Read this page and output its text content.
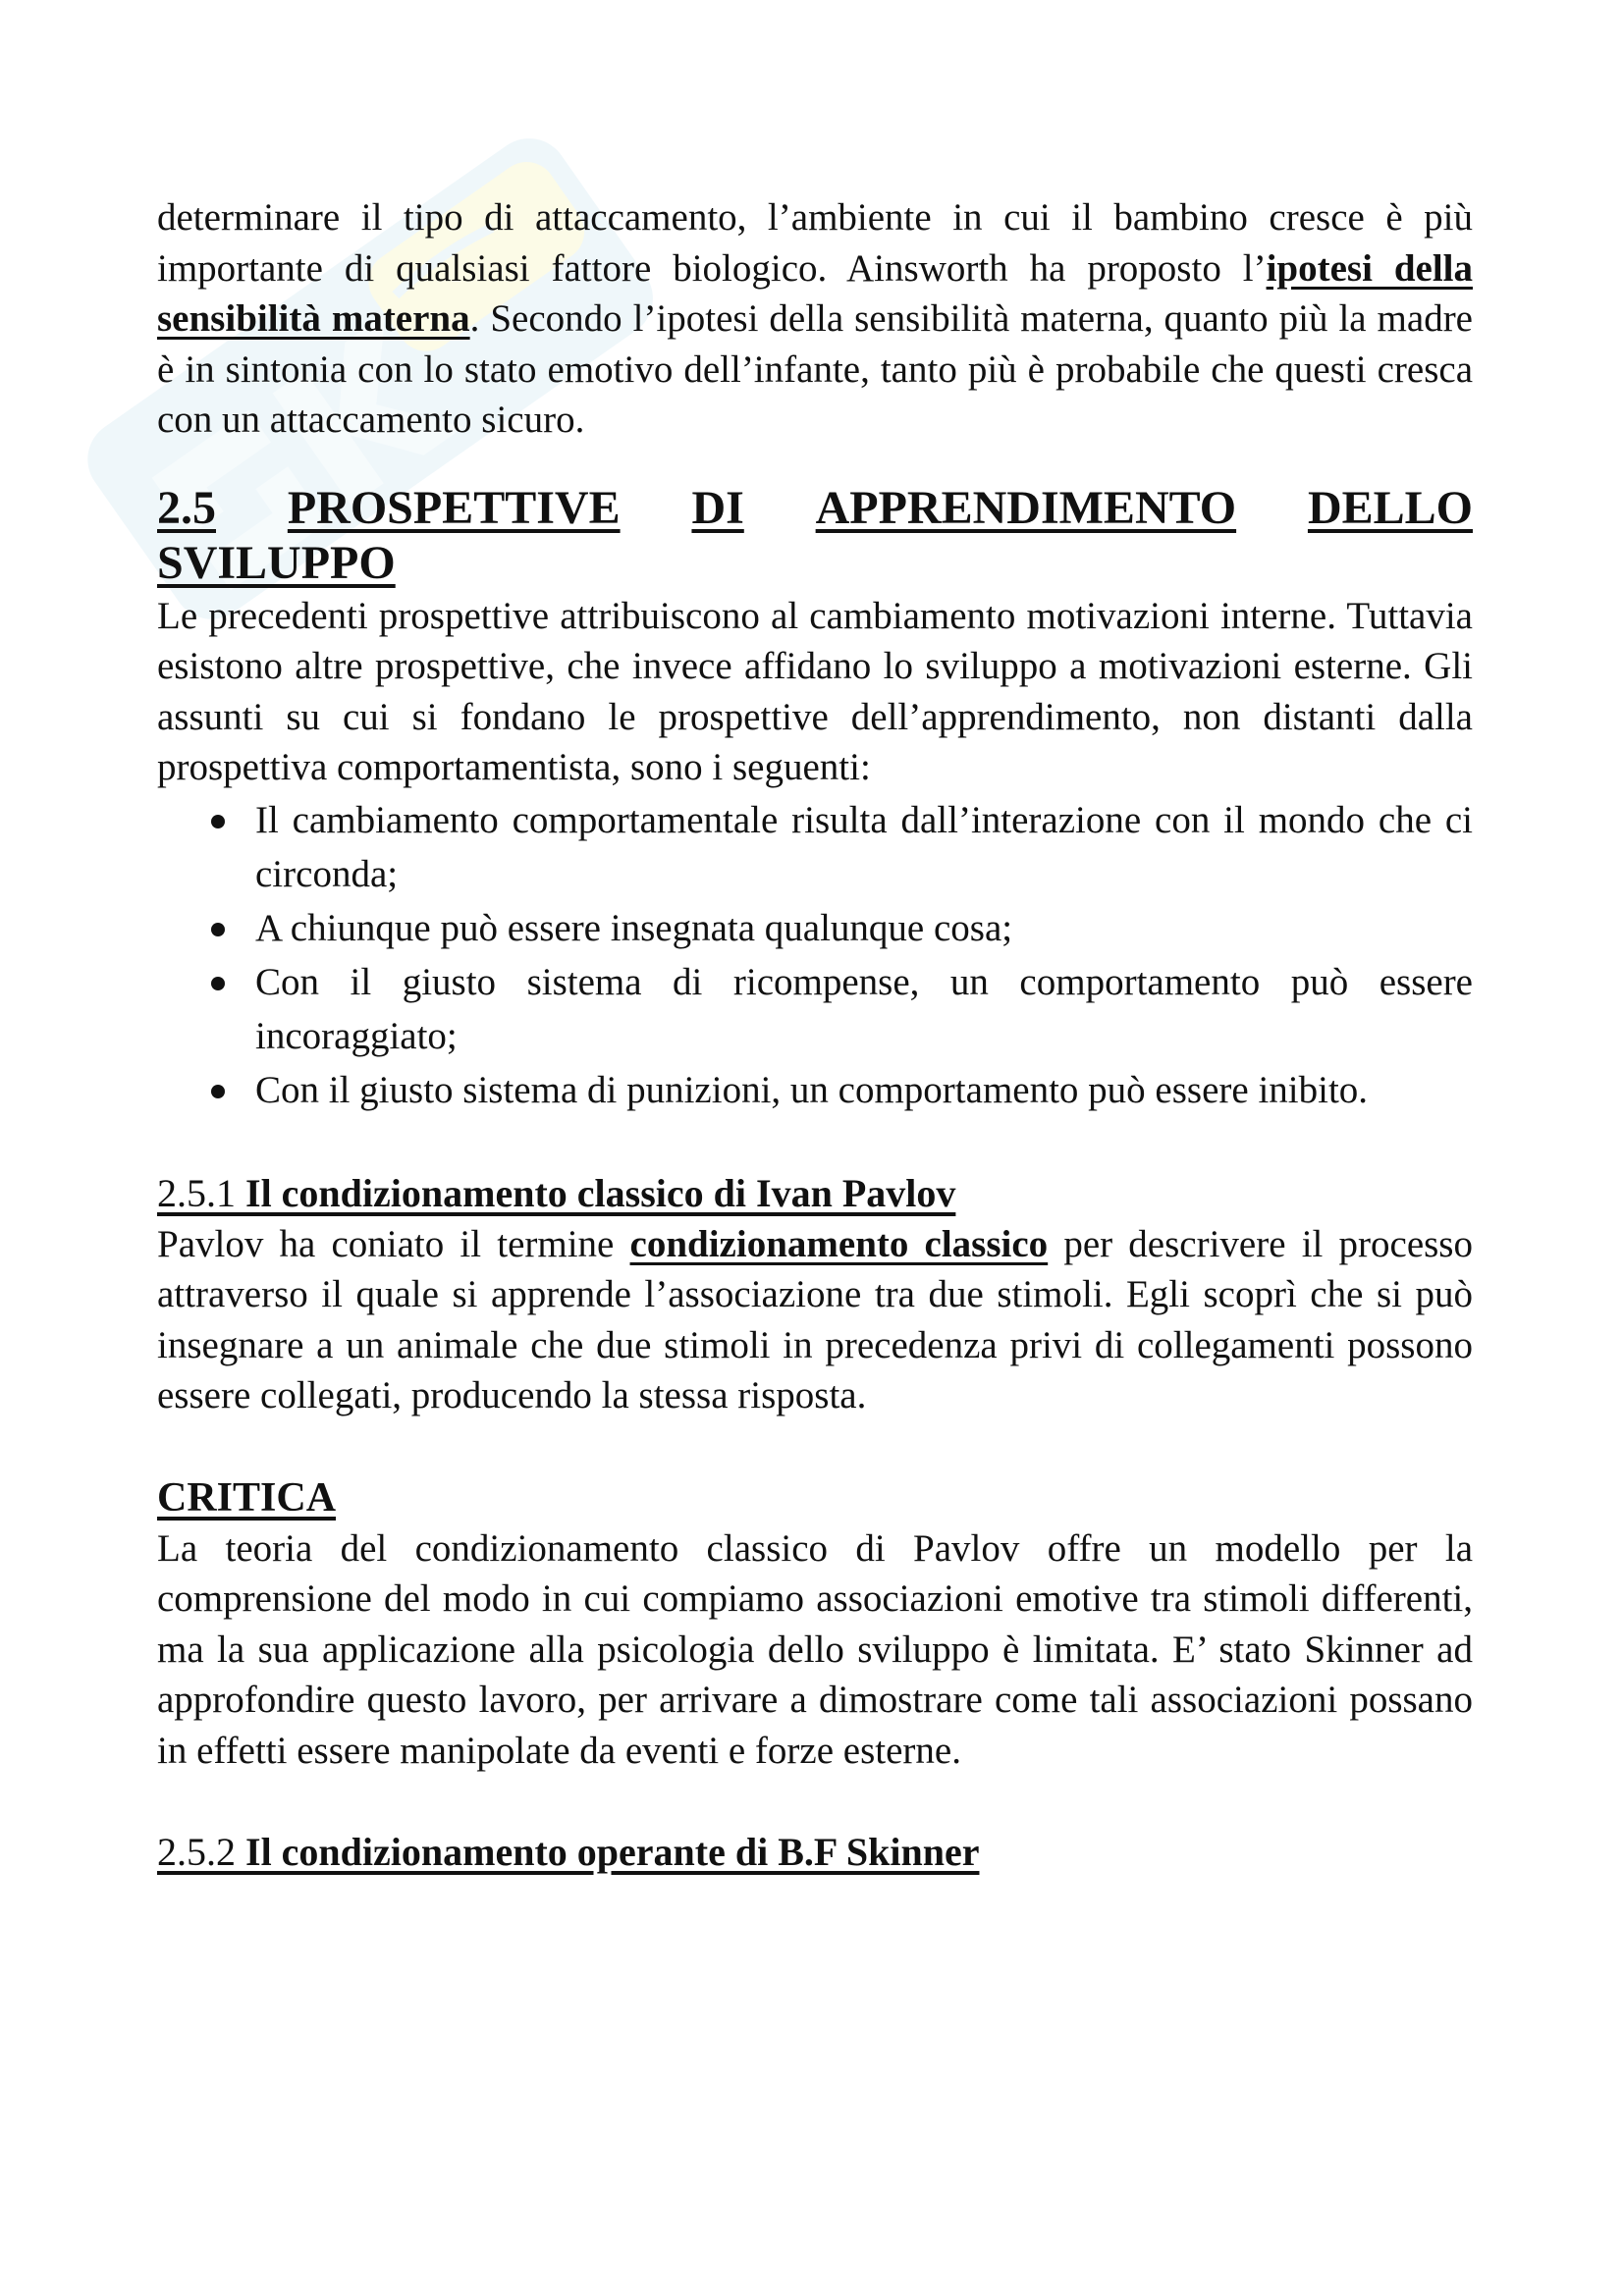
determinare il tipo di attaccamento, l’ambiente in cui il bambino cresce è più importante di qualsiasi fattore biologico. Ainsworth ha proposto l’ipotesi della sensibilità materna. Secondo l’ipotesi della sensibilità materna, quanto più la madre è in sintonia con lo stato emotivo dell’infante, tanto più è probabile che questi cresca con un attaccamento sicuro.

2.5 PROSPETTIVE DI APPRENDIMENTO DELLO
SVILUPPO

Le precedenti prospettive attribuiscono al cambiamento motivazioni interne. Tuttavia esistono altre prospettive, che invece affidano lo sviluppo a motivazioni esterne. Gli assunti su cui si fondano le prospettive dell’apprendimento, non distanti dalla prospettiva comportamentista, sono i seguenti:

Il cambiamento comportamentale risulta dall’interazione con il mondo che ci circonda;
A chiunque può essere insegnata qualunque cosa;
Con il giusto sistema di ricompense, un comportamento può essere incoraggiato;
Con il giusto sistema di punizioni, un comportamento può essere inibito.
2.5.1 Il condizionamento classico di Ivan Pavlov

Pavlov ha coniato il termine condizionamento classico per descrivere il processo attraverso il quale si apprende l’associazione tra due stimoli. Egli scoprì che si può insegnare a un animale che due stimoli in precedenza privi di collegamenti possono essere collegati, producendo la stessa risposta.

CRITICA

La teoria del condizionamento classico di Pavlov offre un modello per la comprensione del modo in cui compiamo associazioni emotive tra stimoli differenti, ma la sua applicazione alla psicologia dello sviluppo è limitata. E’ stato Skinner ad approfondire questo lavoro, per arrivare a dimostrare come tali associazioni possano in effetti essere manipolate da eventi e forze esterne.

2.5.2 Il condizionamento operante di B.F Skinner
